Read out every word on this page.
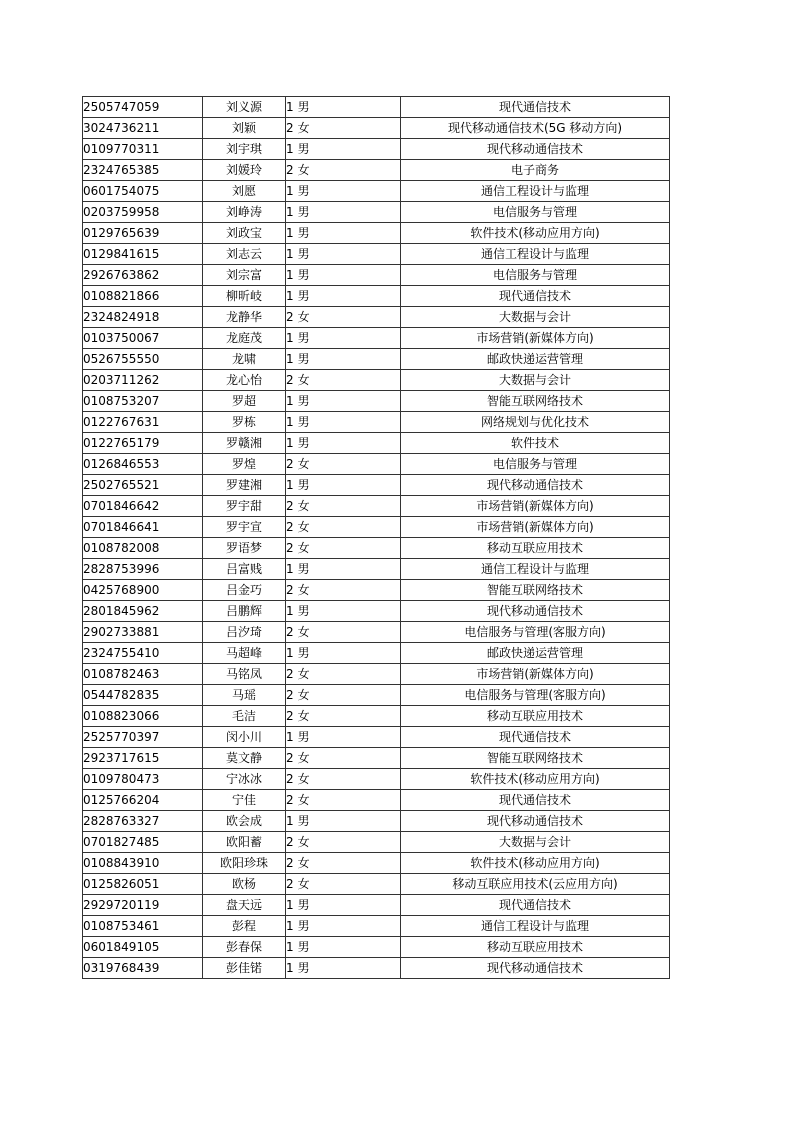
2505747059	刘义源	1 男	现代通信技术
3024736211	刘颖	2 女	现代移动通信技术(5G 移动方向)
0109770311	刘宇琪	1 男	现代移动通信技术
2324765385	刘媛玲	2 女	电子商务
0601754075	刘愿	1 男	通信工程设计与监理
0203759958	刘峥涛	1 男	电信服务与管理
0129765639	刘政宝	1 男	软件技术(移动应用方向)
0129841615	刘志云	1 男	通信工程设计与监理
2926763862	刘宗富	1 男	电信服务与管理
0108821866	柳昕岐	1 男	现代通信技术
2324824918	龙静华	2 女	大数据与会计
0103750067	龙庭茂	1 男	市场营销(新媒体方向)
0526755550	龙啸	1 男	邮政快递运营管理
0203711262	龙心怡	2 女	大数据与会计
0108753207	罗超	1 男	智能互联网络技术
0122767631	罗栋	1 男	网络规划与优化技术
0122765179	罗赣湘	1 男	软件技术
0126846553	罗煌	2 女	电信服务与管理
2502765521	罗建湘	1 男	现代移动通信技术
0701846642	罗宇甜	2 女	市场营销(新媒体方向)
0701846641	罗宇宣	2 女	市场营销(新媒体方向)
0108782008	罗语梦	2 女	移动互联应用技术
2828753996	吕富贱	1 男	通信工程设计与监理
0425768900	吕金巧	2 女	智能互联网络技术
2801845962	吕鹏辉	1 男	现代移动通信技术
2902733881	吕汐琦	2 女	电信服务与管理(客服方向)
2324755410	马超峰	1 男	邮政快递运营管理
0108782463	马铭凤	2 女	市场营销(新媒体方向)
0544782835	马瑶	2 女	电信服务与管理(客服方向)
0108823066	毛洁	2 女	移动互联应用技术
2525770397	闵小川	1 男	现代通信技术
2923717615	莫文静	2 女	智能互联网络技术
0109780473	宁冰冰	2 女	软件技术(移动应用方向)
0125766204	宁佳	2 女	现代通信技术
2828763327	欧会成	1 男	现代移动通信技术
0701827485	欧阳蓄	2 女	大数据与会计
0108843910	欧阳珍珠	2 女	软件技术(移动应用方向)
0125826051	欧杨	2 女	移动互联应用技术(云应用方向)
2929720119	盘天远	1 男	现代通信技术
0108753461	彭程	1 男	通信工程设计与监理
0601849105	彭春保	1 男	移动互联应用技术
0319768439	彭佳锘	1 男	现代移动通信技术
